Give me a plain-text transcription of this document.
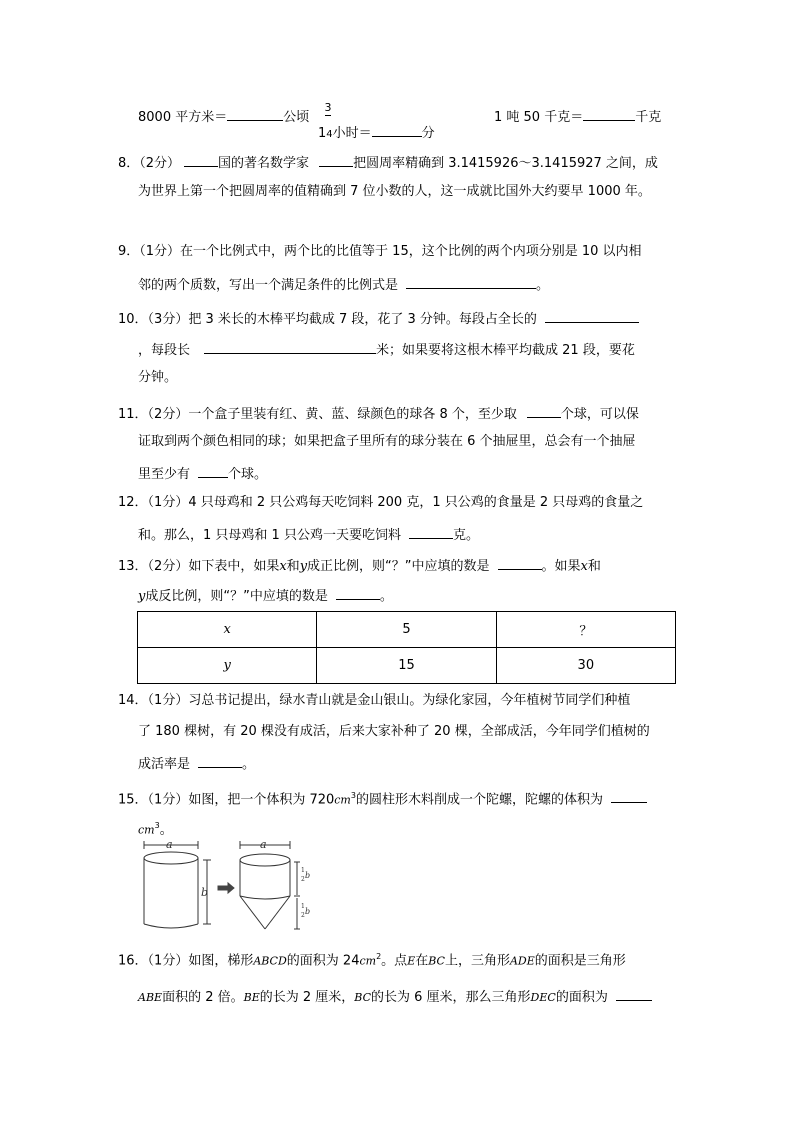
8000 平方米＝	公顷
3
14小时＝	分
1 吨 50 千克＝	千克
8．（2分）	国的著名数学家	把圆周率精确到 3.1415926～3.1415927 之间，成
为世界上第一个把圆周率的值精确到 7 位小数的人，这一成就比国外大约要早 1000 年。
9．（1分）在一个比例式中，两个比的比值等于 15，这个比例的两个内项分别是 10 以内相
邻的两个质数，写出一个满足条件的比例式是	。
10．（3分）把 3 米长的木棒平均截成 7 段，花了 3 分钟。每段占全长的
，每段长	米；如果要将这根木棒平均截成 21 段，要花
分钟。
11．（2分）一个盒子里装有红、黄、蓝、绿颜色的球各 8 个，至少取	个球，可以保
证取到两个颜色相同的球；如果把盒子里所有的球分装在 6 个抽屉里，总会有一个抽屉
里至少有	个球。
12．（1分）4 只母鸡和 2 只公鸡每天吃饲料 200 克，1 只公鸡的食量是 2 只母鸡的食量之
和。那么，1 只母鸡和 1 只公鸡一天要吃饲料	克。
13．（2分）如下表中，如果x和y成正比例，则“？”中应填的数是	。如果x和
y成反比例，则“？”中应填的数是	。
x	5	？
y	15	30
14．（1分）习总书记提出，绿水青山就是金山银山。为绿化家园，今年植树节同学们种植
了 180 棵树，有 20 棵没有成活，后来大家补种了 20 棵，全部成活，今年同学们植树的
成活率是	。
15．（1分）如图，把一个体积为 $720cm^3$的圆柱形木料削成一个陀螺，陀螺的体积为
$cm^3$。
a	a
b
1
2 b
1
2 b
16．（1分）如图，梯形ABCD的面积为 $24cm^2$。点E在BC上，三角形ADE的面积是三角形
ABE面积的 2 倍。BE的长为 2 厘米，BC的长为 6 厘米，那么三角形DEC的面积为
